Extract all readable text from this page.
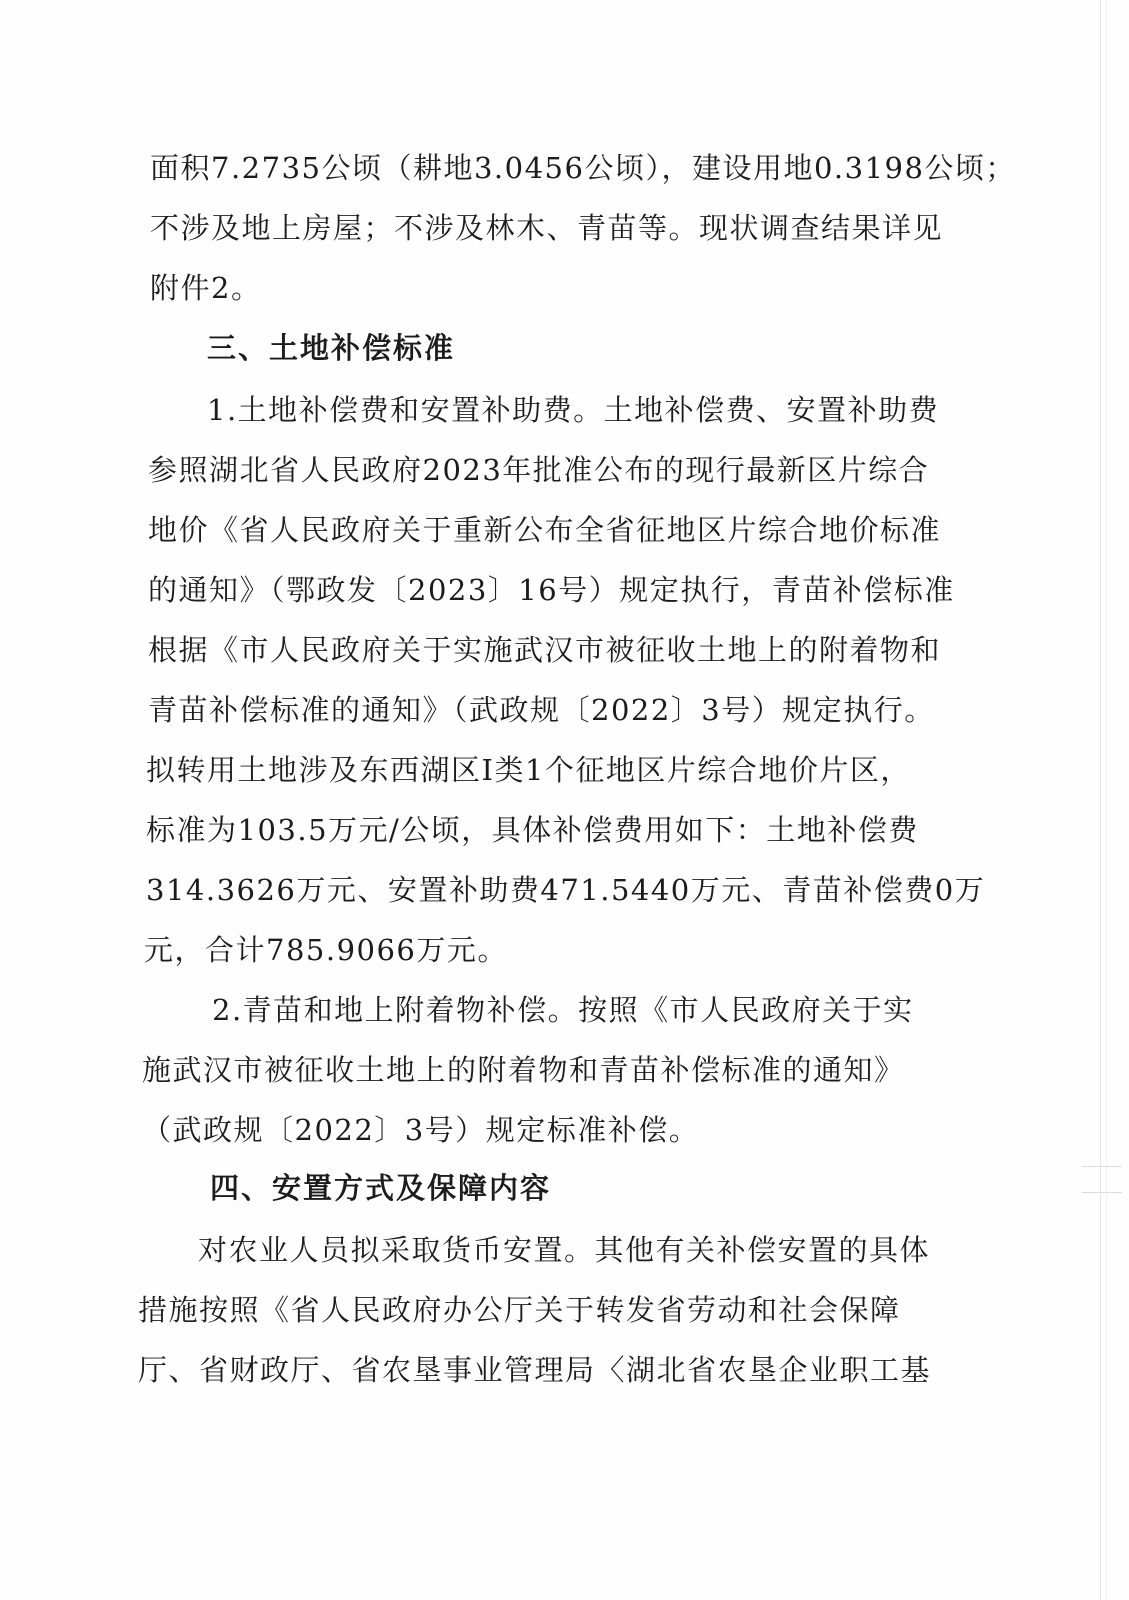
面积7.2735公顷（耕地3.0456公顷），建设用地0.3198公顷；

不涉及地上房屋；不涉及林木、青苗等。现状调查结果详见

附件2。

三、土地补偿标准

1.土地补偿费和安置补助费。土地补偿费、安置补助费

参照湖北省人民政府2023年批准公布的现行最新区片综合

地价《省人民政府关于重新公布全省征地区片综合地价标准

的通知》（鄂政发〔2023〕16号）规定执行，青苗补偿标准

根据《市人民政府关于实施武汉市被征收土地上的附着物和

青苗补偿标准的通知》（武政规〔2022〕3号）规定执行。

拟转用土地涉及东西湖区Ⅰ类1个征地区片综合地价片区，

标准为103.5万元/公顷，具体补偿费用如下：土地补偿费

314.3626万元、安置补助费471.5440万元、青苗补偿费0万

元，合计785.9066万元。

2.青苗和地上附着物补偿。按照《市人民政府关于实

施武汉市被征收土地上的附着物和青苗补偿标准的通知》

（武政规〔2022〕3号）规定标准补偿。

四、安置方式及保障内容

对农业人员拟采取货币安置。其他有关补偿安置的具体

措施按照《省人民政府办公厅关于转发省劳动和社会保障

厅、省财政厅、省农垦事业管理局〈湖北省农垦企业职工基
